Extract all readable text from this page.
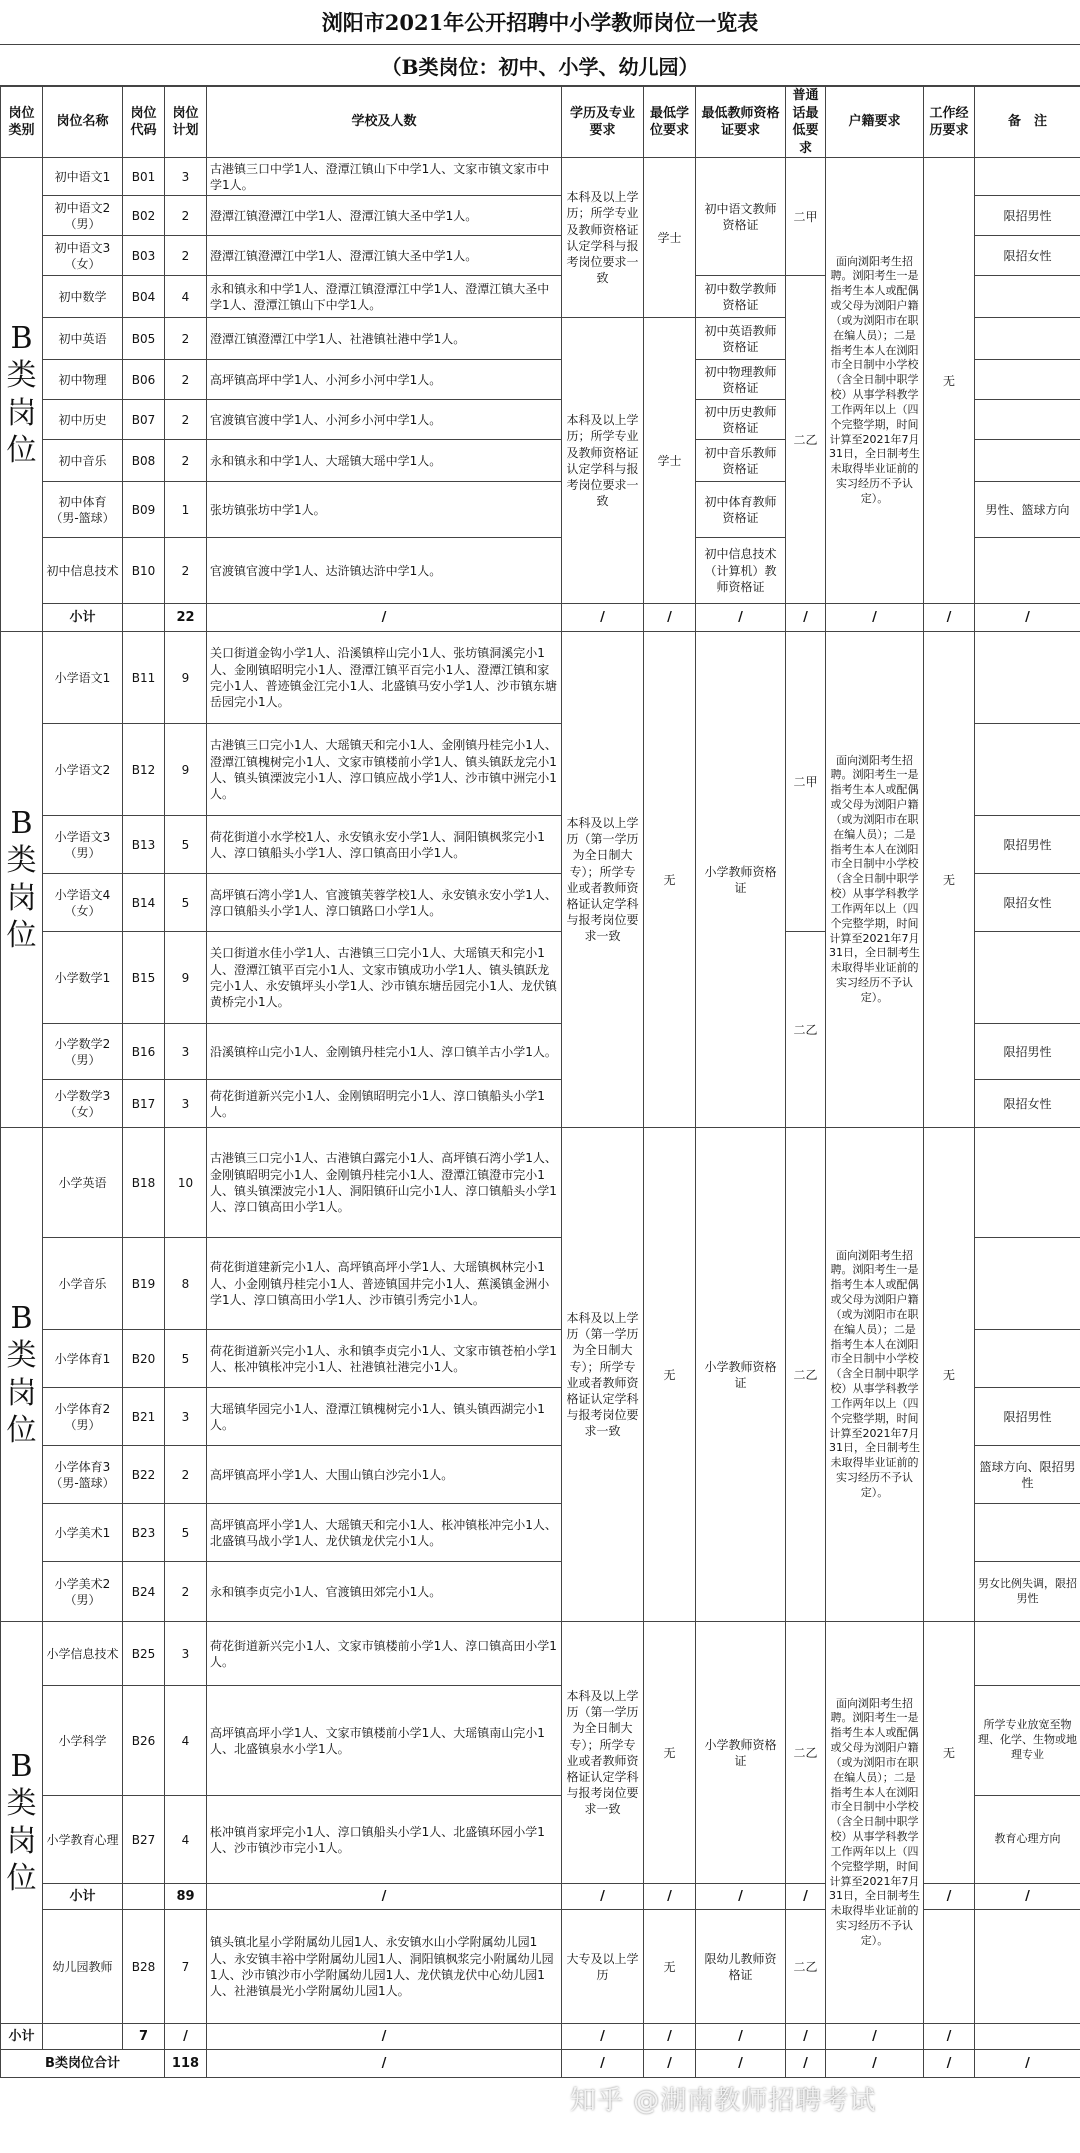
浏阳市2021年公开招聘中小学教师岗位一览表
（B类岗位：初中、小学、幼儿园）
岗位类别	岗位名称	岗位代码	岗位计划	学校及人数	学历及专业要求	最低学位要求	最低教师资格证要求	普通话最低要求	户籍要求	工作经历要求	备　注
B类岗位	初中语文1	B01	3	古港镇三口中学1人、澄潭江镇山下中学1人、文家市镇文家市中学1人。	本科及以上学历；所学专业及教师资格证认定学科与报考岗位要求一致	学士	初中语文教师资格证	二甲	面向浏阳考生招聘。浏阳考生一是指考生本人或配偶或父母为浏阳户籍（或为浏阳市在职在编人员）；二是指考生本人在浏阳市全日制中小学校（含全日制中职学校）从事学科教学工作两年以上（四个完整学期，时间计算至2021年7月31日，全日制考生未取得毕业证前的实习经历不予认定）。	无	
	初中语文2（男）	B02	2	澄潭江镇澄潭江中学1人、澄潭江镇大圣中学1人。							限招男性
	初中语文3（女）	B03	2	澄潭江镇澄潭江中学1人、澄潭江镇大圣中学1人。							限招女性
	初中数学	B04	4	永和镇永和中学1人、澄潭江镇澄潭江中学1人、澄潭江镇大圣中学1人、澄潭江镇山下中学1人。			初中数学教师资格证	二乙			
	初中英语	B05	2	澄潭江镇澄潭江中学1人、社港镇社港中学1人。	本科及以上学历；所学专业及教师资格证认定学科与报考岗位要求一致	学士	初中英语教师资格证				
	初中物理	B06	2	高坪镇高坪中学1人、小河乡小河中学1人。			初中物理教师资格证				
	初中历史	B07	2	官渡镇官渡中学1人、小河乡小河中学1人。			初中历史教师资格证				
	初中音乐	B08	2	永和镇永和中学1人、大瑶镇大瑶中学1人。			初中音乐教师资格证				
	初中体育（男-篮球）	B09	1	张坊镇张坊中学1人。			初中体育教师资格证				男性、篮球方向
	初中信息技术	B10	2	官渡镇官渡中学1人、达浒镇达浒中学1人。			初中信息技术（计算机）教师资格证				
	小计		22	/	/	/	/	/	/	/	/
B类岗位	小学语文1	B11	9	关口街道金钩小学1人、沿溪镇梓山完小1人、张坊镇洞溪完小1人、金刚镇昭明完小1人、澄潭江镇平百完小1人、澄潭江镇和家完小1人、普迹镇金江完小1人、北盛镇马安小学1人、沙市镇东塘岳园完小1人。	本科及以上学历（第一学历为全日制大专）；所学专业或者教师资格证认定学科与报考岗位要求一致	无	小学教师资格证	二甲	面向浏阳考生招聘。浏阳考生一是指考生本人或配偶或父母为浏阳户籍（或为浏阳市在职在编人员）；二是指考生本人在浏阳市全日制中小学校（含全日制中职学校）从事学科教学工作两年以上（四个完整学期，时间计算至2021年7月31日，全日制考生未取得毕业证前的实习经历不予认定）。	无	
	小学语文2	B12	9	古港镇三口完小1人、大瑶镇天和完小1人、金刚镇丹桂完小1人、澄潭江镇槐树完小1人、文家市镇楼前小学1人、镇头镇跃龙完小1人、镇头镇溧波完小1人、淳口镇应战小学1人、沙市镇中洲完小1人。							
	小学语文3（男）	B13	5	荷花街道小水学校1人、永安镇永安小学1人、洞阳镇枫浆完小1人、淳口镇船头小学1人、淳口镇高田小学1人。							限招男性
	小学语文4（女）	B14	5	高坪镇石湾小学1人、官渡镇芙蓉学校1人、永安镇永安小学1人、淳口镇船头小学1人、淳口镇路口小学1人。							限招女性
	小学数学1	B15	9	关口街道水佳小学1人、古港镇三口完小1人、大瑶镇天和完小1人、澄潭江镇平百完小1人、文家市镇成功小学1人、镇头镇跃龙完小1人、永安镇坪头小学1人、沙市镇东塘岳园完小1人、龙伏镇黄桥完小1人。				二乙			
	小学数学2（男）	B16	3	沿溪镇梓山完小1人、金刚镇丹桂完小1人、淳口镇羊古小学1人。							限招男性
	小学数学3（女）	B17	3	荷花街道新兴完小1人、金刚镇昭明完小1人、淳口镇船头小学1人。							限招女性
B类岗位	小学英语	B18	10	古港镇三口完小1人、古港镇白露完小1人、高坪镇石湾小学1人、金刚镇昭明完小1人、金刚镇丹桂完小1人、澄潭江镇澄市完小1人、镇头镇溧波完小1人、洞阳镇矸山完小1人、淳口镇船头小学1人、淳口镇高田小学1人。	本科及以上学历（第一学历为全日制大专）；所学专业或者教师资格证认定学科与报考岗位要求一致	无	小学教师资格证	二乙	面向浏阳考生招聘。浏阳考生一是指考生本人或配偶或父母为浏阳户籍（或为浏阳市在职在编人员）；二是指考生本人在浏阳市全日制中小学校（含全日制中职学校）从事学科教学工作两年以上（四个完整学期，时间计算至2021年7月31日，全日制考生未取得毕业证前的实习经历不予认定）。	无	
	小学音乐	B19	8	荷花街道建新完小1人、高坪镇高坪小学1人、大瑶镇枫林完小1人、小金刚镇丹桂完小1人、普迹镇国井完小1人、蕉溪镇金洲小学1人、淳口镇高田小学1人、沙市镇引秀完小1人。							
	小学体育1	B20	5	荷花街道新兴完小1人、永和镇李贞完小1人、文家市镇苍柏小学1人、枨冲镇枨冲完小1人、社港镇社港完小1人。							
	小学体育2（男）	B21	3	大瑶镇华园完小1人、澄潭江镇槐树完小1人、镇头镇西湖完小1人。							限招男性
	小学体育3（男-篮球）	B22	2	高坪镇高坪小学1人、大围山镇白沙完小1人。							篮球方向、限招男性
	小学美术1	B23	5	高坪镇高坪小学1人、大瑶镇天和完小1人、枨冲镇枨冲完小1人、北盛镇马战小学1人、龙伏镇龙伏完小1人。							
	小学美术2（男）	B24	2	永和镇李贞完小1人、官渡镇田郊完小1人。							男女比例失调，限招男性
B类岗位	小学信息技术	B25	3	荷花街道新兴完小1人、文家市镇楼前小学1人、淳口镇高田小学1人。	本科及以上学历（第一学历为全日制大专）；所学专业或者教师资格证认定学科与报考岗位要求一致	无	小学教师资格证	二乙	面向浏阳考生招聘。浏阳考生一是指考生本人或配偶或父母为浏阳户籍（或为浏阳市在职在编人员）；二是指考生本人在浏阳市全日制中小学校（含全日制中职学校）从事学科教学工作两年以上（四个完整学期，时间计算至2021年7月31日，全日制考生未取得毕业证前的实习经历不予认定）。	无	
	小学科学	B26	4	高坪镇高坪小学1人、文家市镇楼前小学1人、大瑶镇南山完小1人、北盛镇泉水小学1人。							所学专业放宽至物理、化学、生物或地理专业
	小学教育心理	B27	4	枨冲镇肖家坪完小1人、淳口镇船头小学1人、北盛镇环园小学1人、沙市镇沙市完小1人。							教育心理方向
	小计		89	/	/	/	/	/		/	/
	幼儿园教师	B28	7	镇头镇北星小学附属幼儿园1人、永安镇水山小学附属幼儿园1人、永安镇丰裕中学附属幼儿园1人、洞阳镇枫浆完小附属幼儿园1人、沙市镇沙市小学附属幼儿园1人、龙伏镇龙伏中心幼儿园1人、社港镇晨光小学附属幼儿园1人。	大专及以上学历	无	限幼儿教师资格证	二乙			
小计		7	/	/	/	/	/	/	/	/	
B类岗位合计			118	/	/	/	/	/	/	/	/
知乎 @湖南教师招聘考试
